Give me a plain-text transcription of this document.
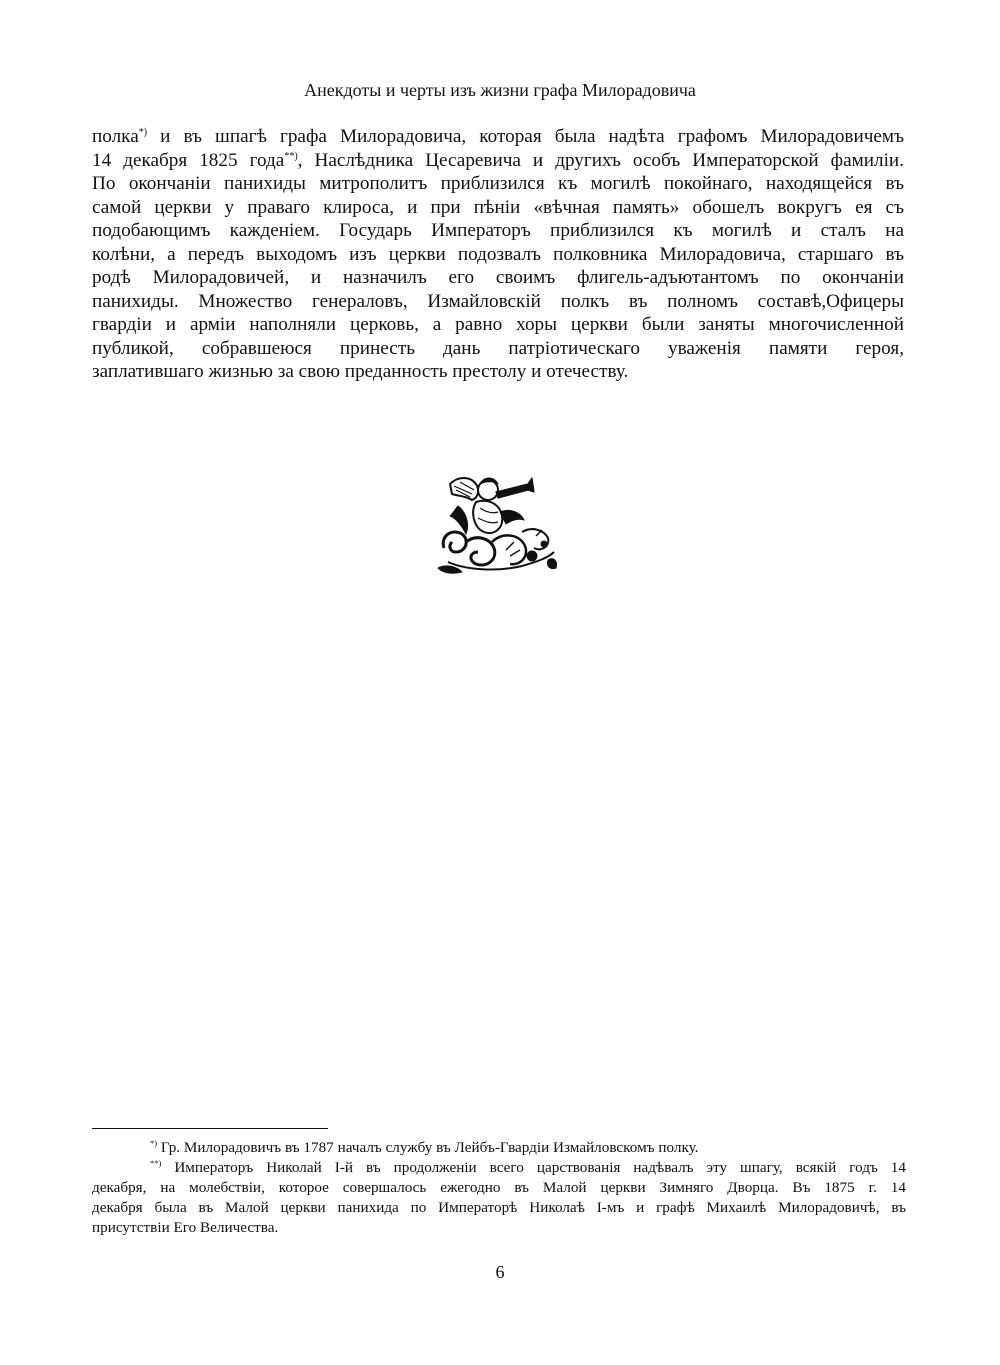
Анекдоты и черты изъ жизни графа Милорадовича
полка*) и въ шпагѣ графа Милорадовича, которая была надѣта графомъ Милорадовичемъ
14 декабря 1825 года**), Наслѣдника Цесаревича и другихъ особъ Императорской фамиліи.
По окончаніи панихиды митрополитъ приблизился къ могилѣ покойнаго, находящейся въ
самой церкви у праваго клироса, и при пѣніи «вѣчная память» обошелъ вокругъ ея съ
подобающимъ кажденіем. Государь Императоръ приблизился къ могилѣ и сталъ на
колѣни, а передъ выходомъ изъ церкви подозвалъ полковника Милорадовича, старшаго въ
родѣ Милорадовичей, и назначилъ его своимъ флигель-адъютантомъ по окончаніи
панихиды. Множество генераловъ, Измайловскій полкъ въ полномъ составѣ,Офицеры
гвардіи и арміи наполняли церковь, а равно хоры церкви были заняты многочисленной
публикой, собравшеюся принесть дань патріотическаго уваженія памяти героя,
заплатившаго жизнью за свою преданность престолу и отечеству.

*) Гр. Милорадовичъ въ 1787 началъ службу въ Лейбъ-Гвардіи Измайловскомъ полку.

**) Императоръ Николай I-й въ продолженіи всего царствованія надѣвалъ эту шпагу, всякій годъ 14
декабря, на молебствіи, которое совершалось ежегодно въ Малой церкви Зимняго Дворца. Въ 1875 г. 14
декабря была въ Малой церкви панихида по Императорѣ Николаѣ I-мъ и графѣ Михаилѣ Милорадовичѣ, въ
присутствіи Его Величества.

6
